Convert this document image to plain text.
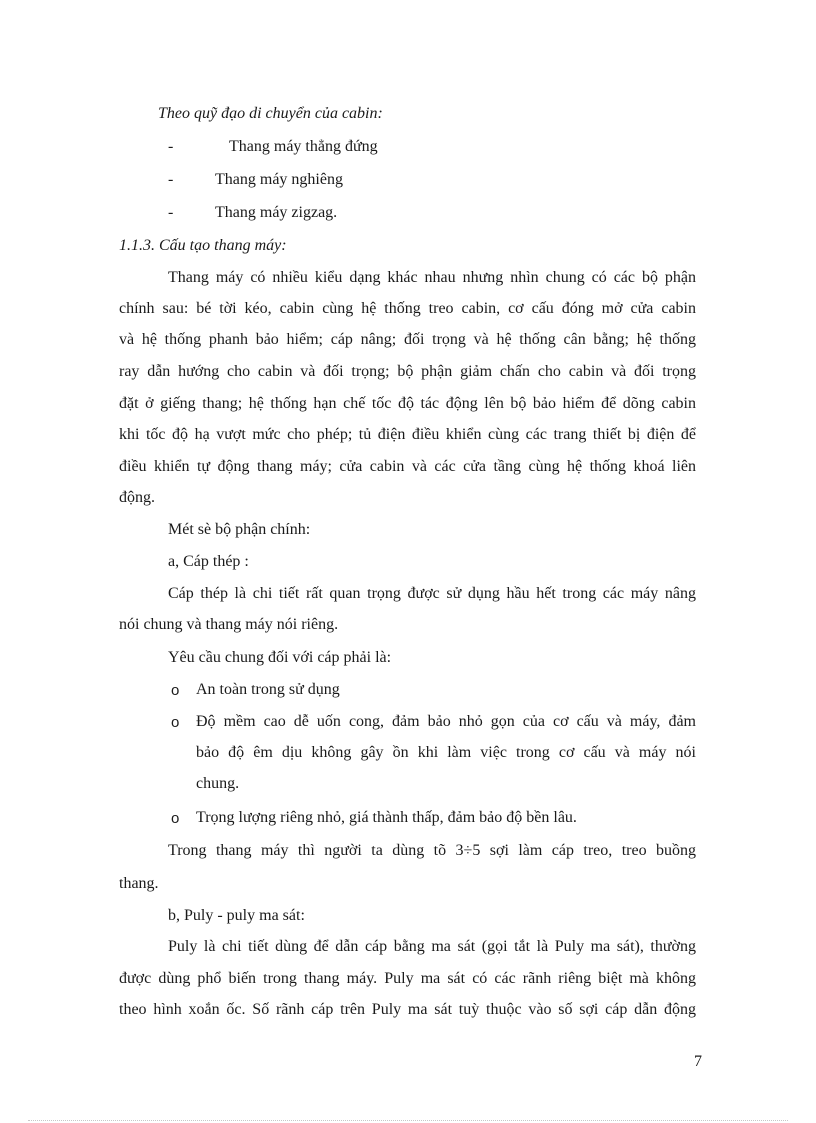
Theo quỹ đạo di chuyển của cabin:
-	Thang máy thẳng đứng
-	Thang máy nghiêng
-	Thang máy zigzag.
1.1.3. Cấu tạo thang máy:
Thang máy có nhiều kiểu dạng khác nhau nhưng nhìn chung có các bộ phận
chính sau: bé tời kéo, cabin cùng hệ thống treo cabin, cơ cấu đóng mở cửa cabin
và hệ thống phanh bảo hiểm; cáp nâng; đối trọng và hệ thống cân bằng; hệ thống
ray dẫn hướng cho cabin và đối trọng; bộ phận giảm chấn cho cabin và đối trọng
đặt ở giếng thang; hệ thống hạn chế tốc độ tác động lên bộ bảo hiểm để dõng cabin
khi tốc độ hạ vượt mức cho phép; tủ điện điều khiển cùng các trang thiết bị điện để
điều khiển tự động thang máy; cửa cabin và các cửa tầng cùng hệ thống khoá liên
động.
Mét sè bộ phận chính:
a, Cáp thép :
Cáp thép là chi tiết rất quan trọng được sử dụng hầu hết trong các máy nâng
nói chung và thang máy nói riêng.
Yêu cầu chung đối với cáp phải là:
o An toàn trong sử dụng
o Độ mềm cao dễ uốn cong, đảm bảo nhỏ gọn của cơ cấu và máy, đảm
bảo độ êm dịu không gây ồn khi làm việc trong cơ cấu và máy nói
chung.
o Trọng lượng riêng nhỏ, giá thành thấp, đảm bảo độ bền lâu.
Trong thang máy thì người ta dùng tõ 3÷5 sợi làm cáp treo, treo buồng
thang.
b, Puly - puly ma sát:
Puly là chi tiết dùng để dẫn cáp bằng ma sát (gọi tắt là Puly ma sát), thường
được dùng phổ biến trong thang máy. Puly ma sát có các rãnh riêng biệt mà không
theo hình xoắn ốc. Số rãnh cáp trên Puly ma sát tuỳ thuộc vào số sợi cáp dẫn động
7
